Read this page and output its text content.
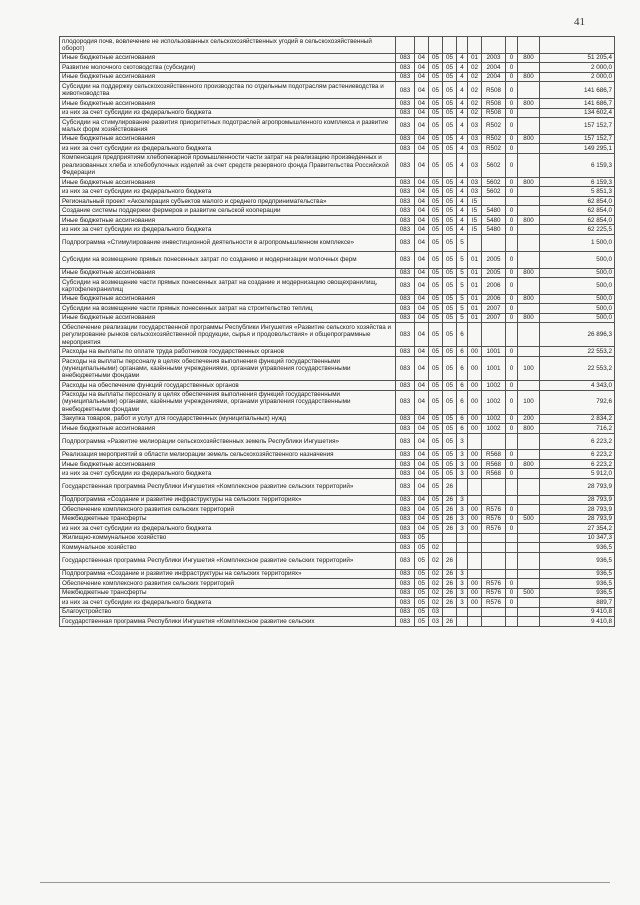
41
плодородия почв, вовлечение не использованных сельскохозяйственных угодий в сельскохозяйственный оборот)										
Иные бюджетные ассигнования	083	04	05	05	4	01	2003	0	800	51 205,4
Развитие молочного скотоводства (субсидии)	083	04	05	05	4	02	2004	0		2 000,0
Иные бюджетные ассигнования	083	04	05	05	4	02	2004	0	800	2 000,0
Субсидии на поддержку сельскохозяйственного производства по отдельным подотраслям растениеводства и животноводства	083	04	05	05	4	02	R508	0		141 686,7
Иные бюджетные ассигнования	083	04	05	05	4	02	R508	0	800	141 686,7
из них за счет субсидии из федерального бюджета	083	04	05	05	4	02	R508	0		134 602,4
Субсидии на стимулирование развития приоритетных подотраслей агропромышленного комплекса и развитие малых форм хозяйствования	083	04	05	05	4	03	R502	0		157 152,7
Иные бюджетные ассигнования	083	04	05	05	4	03	R502	0	800	157 152,7
из них за счет субсидии из федерального бюджета	083	04	05	05	4	03	R502	0		149 295,1
Компенсация предприятиям хлебопекарной промышленности части затрат на реализацию произведенных и реализованных хлеба и хлебобулочных изделий за счет средств резервного фонда Правительства Российской Федерации	083	04	05	05	4	03	5602	0		6 159,3
Иные бюджетные ассигнования	083	04	05	05	4	03	5602	0	800	6 159,3
из них за счет субсидии из федерального бюджета	083	04	05	05	4	03	5602	0		5 851,3
Региональный проект «Акселерация субъектов малого и среднего предпринимательства»	083	04	05	05	4	I5				62 854,0
Создание системы поддержки фермеров и развитие сельской кооперации	083	04	05	05	4	I5	5480	0		62 854,0
Иные бюджетные ассигнования	083	04	05	05	4	I5	5480	0	800	62 854,0
из них за счет субсидии из федерального бюджета	083	04	05	05	4	I5	5480	0		62 225,5
Подпрограмма «Стимулирование инвестиционной деятельности в агропромышленном комплексе»	083	04	05	05	5					1 500,0
Субсидии на возмещение прямых понесенных затрат по созданию и модернизации молочных ферм	083	04	05	05	5	01	2005	0		500,0
Иные бюджетные ассигнования	083	04	05	05	5	01	2005	0	800	500,0
Субсидии на возмещение части прямых понесенных затрат на создание и модернизацию овощехранилищ, картофелехранилищ	083	04	05	05	5	01	2006	0		500,0
Иные бюджетные ассигнования	083	04	05	05	5	01	2006	0	800	500,0
Субсидии на возмещение части прямых понесенных затрат на строительство теплиц	083	04	05	05	5	01	2007	0		500,0
Иные бюджетные ассигнования	083	04	05	05	5	01	2007	0	800	500,0
Обеспечение реализации государственной программы Республики Ингушетия «Развитие сельского хозяйства и регулирование рынков сельскохозяйственной продукции, сырья и продовольствия» и общепрограммные мероприятия	083	04	05	05	6					26 896,3
Расходы на выплаты по оплате труда работников государственных органов	083	04	05	05	6	00	1001	0		22 553,2
Расходы на выплаты персоналу в целях обеспечения выполнения функций государственными (муниципальными) органами, казёнными учреждениями, органами управления государственными внебюджетными фондами	083	04	05	05	6	00	1001	0	100	22 553,2
Расходы на обеспечение функций государственных органов	083	04	05	05	6	00	1002	0		4 343,0
Расходы на выплаты персоналу в целях обеспечения выполнения функций государственными (муниципальными) органами, казёнными учреждениями, органами управления государственными внебюджетными фондами	083	04	05	05	6	00	1002	0	100	792,6
Закупка товаров, работ и услуг для государственных (муниципальных) нужд	083	04	05	05	6	00	1002	0	200	2 834,2
Иные бюджетные ассигнования	083	04	05	05	6	00	1002	0	800	716,2
Подпрограмма «Развитие мелиорации сельскохозяйственных земель Республики Ингушетия»	083	04	05	05	3					6 223,2
Реализация мероприятий в области мелиорации земель сельскохозяйственного назначения	083	04	05	05	3	00	R568	0		6 223,2
Иные бюджетные ассигнования	083	04	05	05	3	00	R568	0	800	6 223,2
из них за счет субсидии из федерального бюджета	083	04	05	05	3	00	R568	0		5 912,0
Государственная программа Республики Ингушетия «Комплексное развитие сельских территорий»	083	04	05	26						28 793,9
Подпрограмма «Создание и развитие инфраструктуры на сельских территориях»	083	04	05	26	3					28 793,9
Обеспечение комплексного развития сельских территорий	083	04	05	26	3	00	R576	0		28 793,9
Межбюджетные трансферты	083	04	05	26	3	00	R576	0	500	28 793,9
из них за счет субсидии из федерального бюджета	083	04	05	26	3	00	R576	0		27 354,2
Жилищно-коммунальное хозяйство	083	05								10 347,3
Коммунальное хозяйство	083	05	02							936,5
Государственная программа Республики Ингушетия «Комплексное развитие сельских территорий»	083	05	02	26						936,5
Подпрограмма «Создание и развитие инфраструктуры на сельских территориях»	083	05	02	26	3					936,5
Обеспечение комплексного развития сельских территорий	083	05	02	26	3	00	R576	0		936,5
Межбюджетные трансферты	083	05	02	26	3	00	R576	0	500	936,5
из них за счет субсидии из федерального бюджета	083	05	02	26	3	00	R576	0		889,7
Благоустройство	083	05	03							9 410,8
Государственная программа Республики Ингушетия «Комплексное развитие сельских	083	05	03	26						9 410,8
